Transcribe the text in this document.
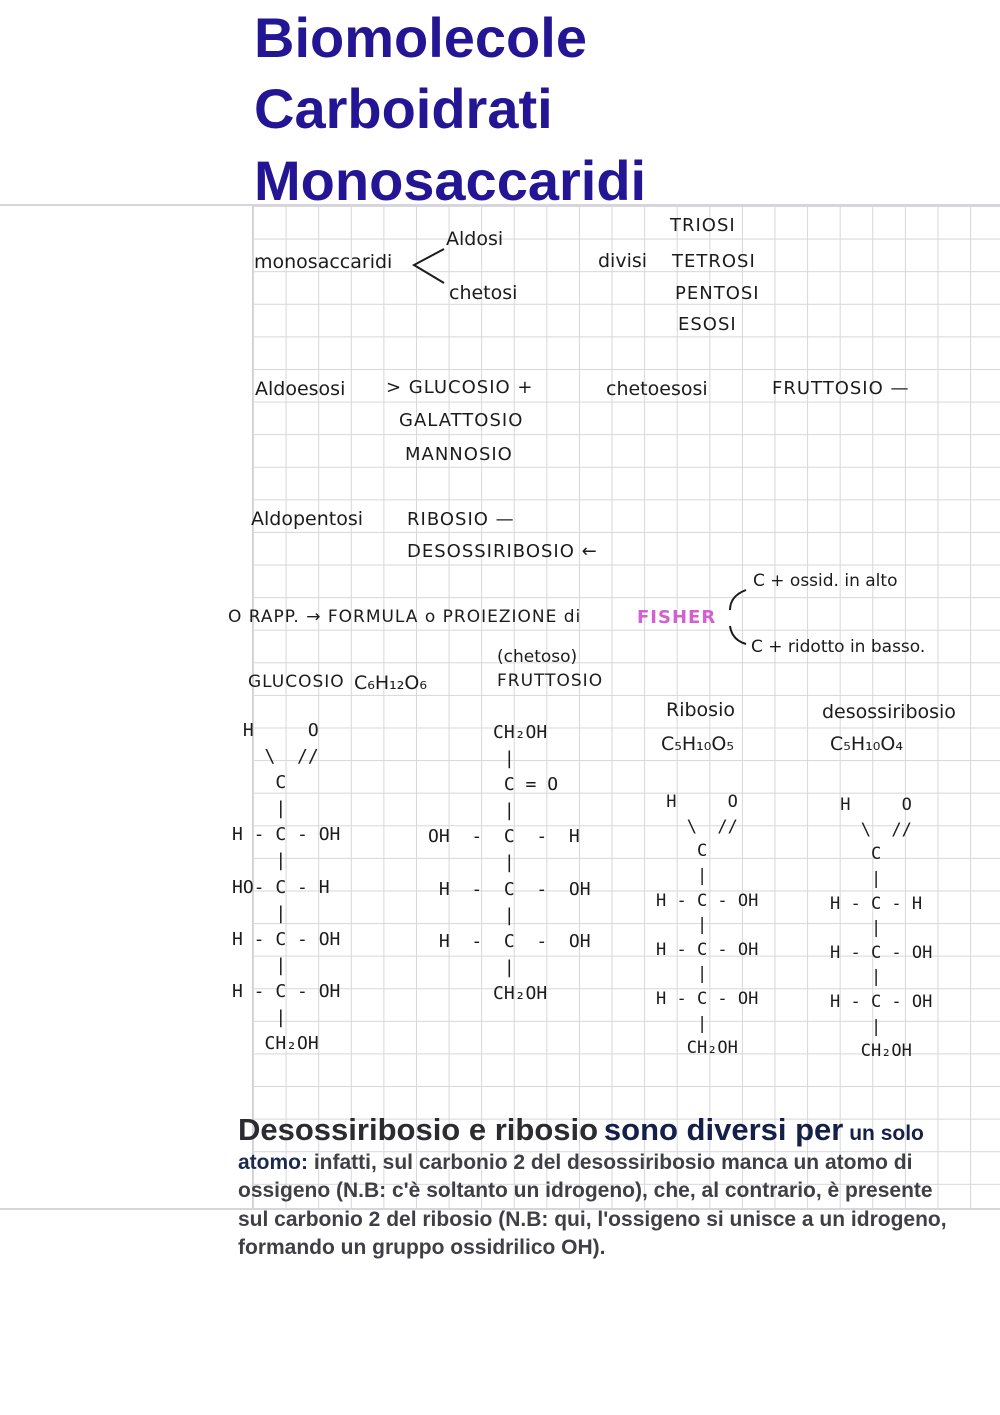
Biomolecole
Carboidrati
Monosaccaridi

monosaccaridi

Aldosi

chetosi

divisi

TRIOSI

TETROSI

PENTOSI

ESOSI

Aldoesosi > GLUCOSIO +

GALATTOSIO

MANNOSIO

chetoesosi	FRUTTOSIO —

Aldopentosi RIBOSIO —

DESOSSIRIBOSIO ←

O RAPP. → FORMULA o PROIEZIONE di	FISHER

C + ossid. in alto

C + ridotto in basso.

GLUCOSIO C₆H₁₂O₆

(chetoso)

FRUTTOSIO

Ribosio

C₅H₁₀O₅

desossiribosio

C₅H₁₀O₄

H     O
\  //
C
|
H - C - OH
|
HO- C - H
|
H - C - OH
|
H - C - OH
|
CH₂OH
CH₂OH
|
C = O
|
OH  -  C  -  H
|
H  -  C  -  OH
|
H  -  C  -  OH
|
CH₂OH
H     O
\  //
C
|
H - C - OH
|
H - C - OH
|
H - C - OH
|
CH₂OH
H     O
\  //
C
|
H - C - H
|
H - C - OH
|
H - C - OH
|
CH₂OH

Desossiribosio e ribosio sono diversi per un solo atomo: infatti, sul carbonio 2 del desossiribosio manca un atomo di ossigeno (N.B: c'è soltanto un idrogeno), che, al contrario, è presente sul carbonio 2 del ribosio (N.B: qui, l'ossigeno si unisce a un idrogeno, formando un gruppo ossidrilico OH).
